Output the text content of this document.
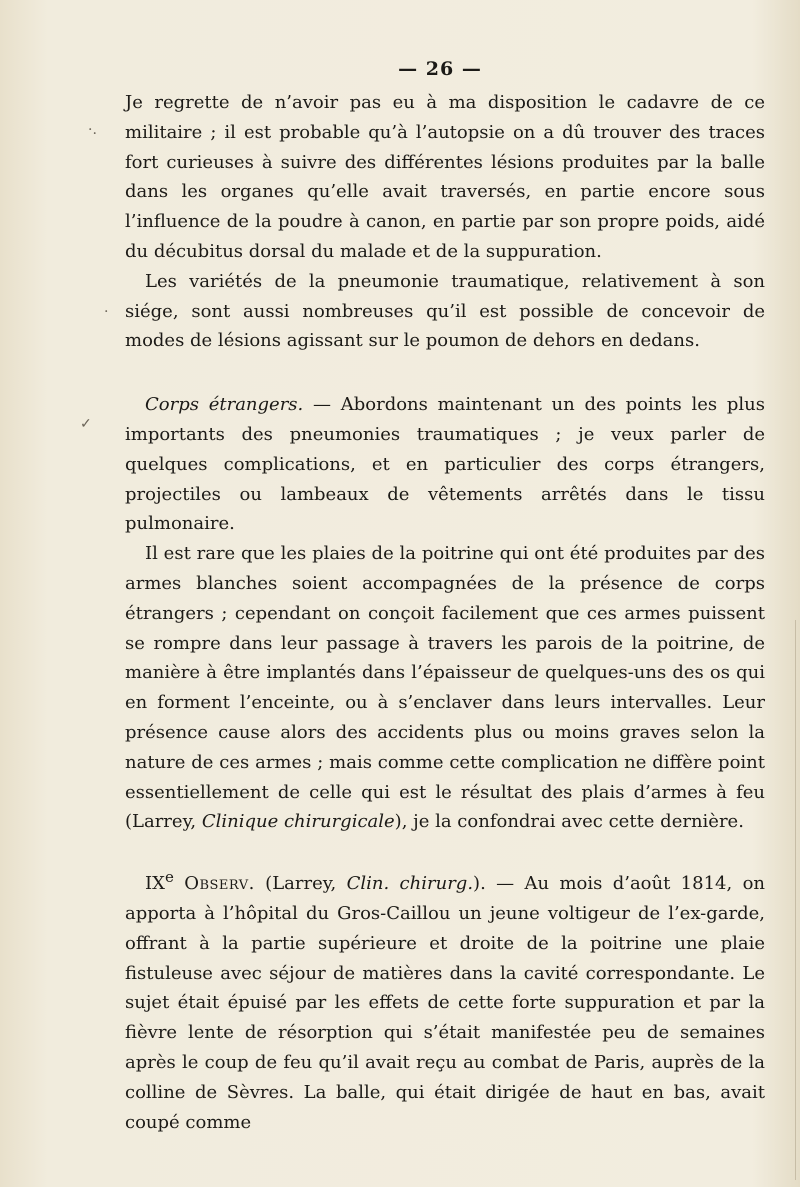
— 26 —
·.
.
✓

Je regrette de n’avoir pas eu à ma disposition le cadavre de ce militaire ; il est probable qu’à l’autopsie on a dû trouver des traces fort curieuses à suivre des différentes lésions produites par la balle dans les organes qu’elle avait traversés, en partie encore sous l’influence de la poudre à canon, en partie par son propre poids, aidé du décubitus dorsal du malade et de la suppuration.

Les variétés de la pneumonie traumatique, relativement à son siége, sont aussi nombreuses qu’il est possible de concevoir de modes de lésions agissant sur le poumon de dehors en dedans.

Corps étrangers. — Abordons maintenant un des points les plus importants des pneumonies traumatiques ; je veux parler de quelques complications, et en particulier des corps étrangers, projectiles ou lambeaux de vêtements arrêtés dans le tissu pulmonaire.

Il est rare que les plaies de la poitrine qui ont été produites par des armes blanches soient accompagnées de la présence de corps étrangers ; cependant on conçoit facilement que ces armes puissent se rompre dans leur passage à travers les parois de la poitrine, de manière à être implantés dans l’épaisseur de quelques-uns des os qui en forment l’enceinte, ou à s’enclaver dans leurs intervalles. Leur présence cause alors des accidents plus ou moins graves selon la nature de ces armes ; mais comme cette complication ne diffère point essentiellement de celle qui est le résultat des plais d’armes à feu (Larrey, Clinique chirurgicale), je la confondrai avec cette dernière.

IXe Observ. (Larrey, Clin. chirurg.). — Au mois d’août 1814, on apporta à l’hôpital du Gros-Caillou un jeune voltigeur de l’ex-garde, offrant à la partie supérieure et droite de la poitrine une plaie fistuleuse avec séjour de matières dans la cavité correspondante. Le sujet était épuisé par les effets de cette forte suppuration et par la fièvre lente de résorption qui s’était manifestée peu de semaines après le coup de feu qu’il avait reçu au combat de Paris, auprès de la colline de Sèvres. La balle, qui était dirigée de haut en bas, avait coupé comme
